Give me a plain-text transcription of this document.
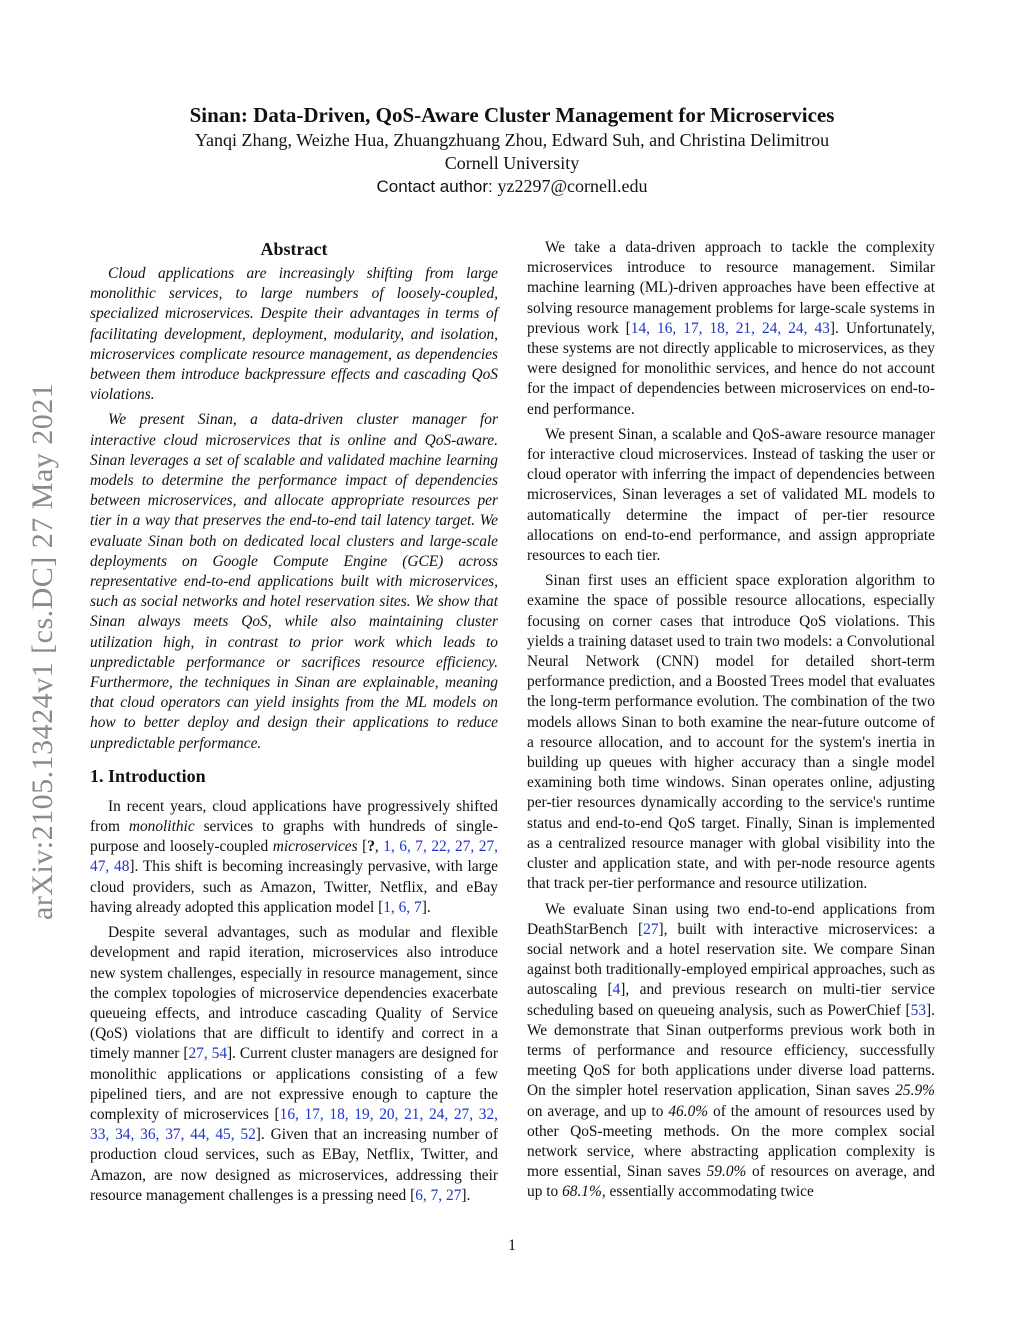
arXiv:2105.13424v1 [cs.DC] 27 May 2021
Sinan: Data-Driven, QoS-Aware Cluster Management for Microservices
Yanqi Zhang, Weizhe Hua, Zhuangzhuang Zhou, Edward Suh, and Christina Delimitrou
Cornell University
Contact author: yz2297@cornell.edu
Abstract

Cloud applications are increasingly shifting from large monolithic services, to large numbers of loosely-coupled, specialized microservices. Despite their advantages in terms of facilitating development, deployment, modularity, and isolation, microservices complicate resource management, as dependencies between them introduce backpressure effects and cascading QoS violations.

We present Sinan, a data-driven cluster manager for interactive cloud microservices that is online and QoS-aware. Sinan leverages a set of scalable and validated machine learning models to determine the performance impact of dependencies between microservices, and allocate appropriate resources per tier in a way that preserves the end-to-end tail latency target. We evaluate Sinan both on dedicated local clusters and large-scale deployments on Google Compute Engine (GCE) across representative end-to-end applications built with microservices, such as social networks and hotel reservation sites. We show that Sinan always meets QoS, while also maintaining cluster utilization high, in contrast to prior work which leads to unpredictable performance or sacrifices resource efficiency. Furthermore, the techniques in Sinan are explainable, meaning that cloud operators can yield insights from the ML models on how to better deploy and design their applications to reduce unpredictable performance.

1. Introduction

In recent years, cloud applications have progressively shifted from monolithic services to graphs with hundreds of single-purpose and loosely-coupled microservices [?, 1, 6, 7, 22, 27, 27, 47, 48]. This shift is becoming increasingly pervasive, with large cloud providers, such as Amazon, Twitter, Netflix, and eBay having already adopted this application model [1, 6, 7].

Despite several advantages, such as modular and flexible development and rapid iteration, microservices also introduce new system challenges, especially in resource management, since the complex topologies of microservice dependencies exacerbate queueing effects, and introduce cascading Quality of Service (QoS) violations that are difficult to identify and correct in a timely manner [27, 54]. Current cluster managers are designed for monolithic applications or applications consisting of a few pipelined tiers, and are not expressive enough to capture the complexity of microservices [16, 17, 18, 19, 20, 21, 24, 27, 32, 33, 34, 36, 37, 44, 45, 52]. Given that an increasing number of production cloud services, such as EBay, Netflix, Twitter, and Amazon, are now designed as microservices, addressing their resource management challenges is a pressing need [6, 7, 27].

We take a data-driven approach to tackle the complexity microservices introduce to resource management. Similar machine learning (ML)-driven approaches have been effective at solving resource management problems for large-scale systems in previous work [14, 16, 17, 18, 21, 24, 24, 43]. Unfortunately, these systems are not directly applicable to microservices, as they were designed for monolithic services, and hence do not account for the impact of dependencies between microservices on end-to-end performance.

We present Sinan, a scalable and QoS-aware resource manager for interactive cloud microservices. Instead of tasking the user or cloud operator with inferring the impact of dependencies between microservices, Sinan leverages a set of validated ML models to automatically determine the impact of per-tier resource allocations on end-to-end performance, and assign appropriate resources to each tier.

Sinan first uses an efficient space exploration algorithm to examine the space of possible resource allocations, especially focusing on corner cases that introduce QoS violations. This yields a training dataset used to train two models: a Convolutional Neural Network (CNN) model for detailed short-term performance prediction, and a Boosted Trees model that evaluates the long-term performance evolution. The combination of the two models allows Sinan to both examine the near-future outcome of a resource allocation, and to account for the system's inertia in building up queues with higher accuracy than a single model examining both time windows. Sinan operates online, adjusting per-tier resources dynamically according to the service's runtime status and end-to-end QoS target. Finally, Sinan is implemented as a centralized resource manager with global visibility into the cluster and application state, and with per-node resource agents that track per-tier performance and resource utilization.

We evaluate Sinan using two end-to-end applications from DeathStarBench [27], built with interactive microservices: a social network and a hotel reservation site. We compare Sinan against both traditionally-employed empirical approaches, such as autoscaling [4], and previous research on multi-tier service scheduling based on queueing analysis, such as PowerChief [53]. We demonstrate that Sinan outperforms previous work both in terms of performance and resource efficiency, successfully meeting QoS for both applications under diverse load patterns. On the simpler hotel reservation application, Sinan saves 25.9% on average, and up to 46.0% of the amount of resources used by other QoS-meeting methods. On the more complex social network service, where abstracting application complexity is more essential, Sinan saves 59.0% of resources on average, and up to 68.1%, essentially accommodating twice

1
